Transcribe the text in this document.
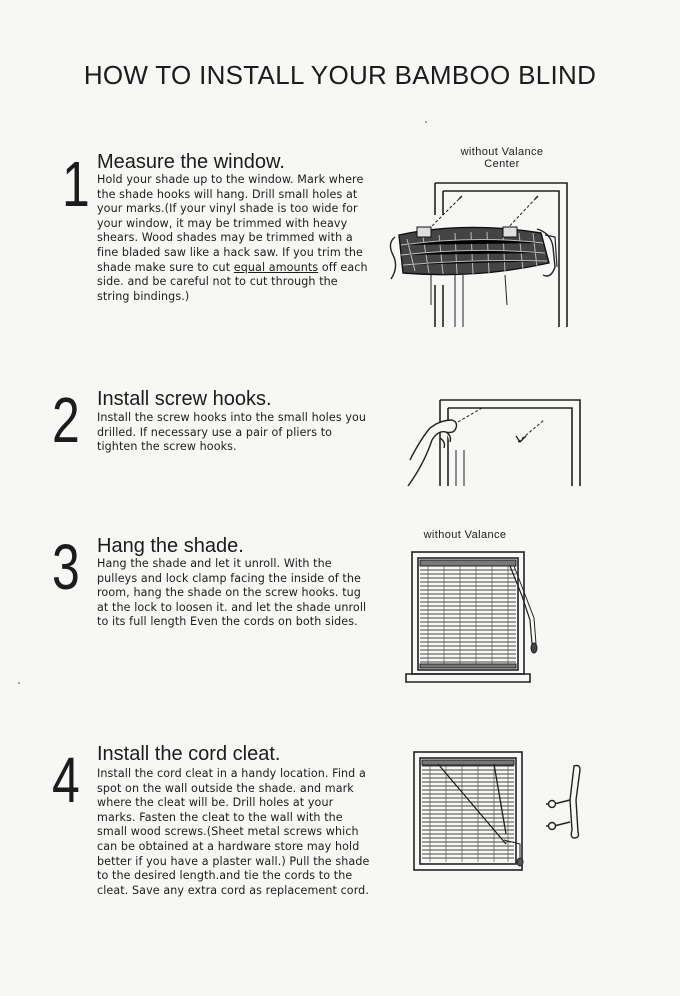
HOW TO INSTALL YOUR BAMBOO BLIND
1 Measure the window.
Hold your shade up to the window. Mark where the shade hooks will hang. Drill small holes at your marks.(If your vinyl shade is too wide for your window, it may be trimmed with heavy shears. Wood shades may be trimmed with a fine bladed saw like a hack saw. If you trim the shade make sure to cut equal amounts off each side. and be careful not to cut through the string bindings.)
without Valance
Center
2 Install screw hooks.
Install the screw hooks into the small holes you drilled. If necessary use a pair of pliers to tighten the screw hooks.
3 Hang the shade.
Hang the shade and let it unroll. With the pulleys and lock clamp facing the inside of the room, hang the shade on the screw hooks. tug at the lock to loosen it. and let the shade unroll to its full length Even the cords on both sides.
without Valance
4 Install the cord cleat.
Install the cord cleat in a handy location. Find a spot on the wall outside the shade. and mark where the cleat will be. Drill holes at your marks. Fasten the cleat to the wall with the small wood screws.(Sheet metal screws which can be obtained at a hardware store may hold better if you have a plaster wall.) Pull the shade to the desired length.and tie the cords to the cleat. Save any extra cord as replacement cord.
